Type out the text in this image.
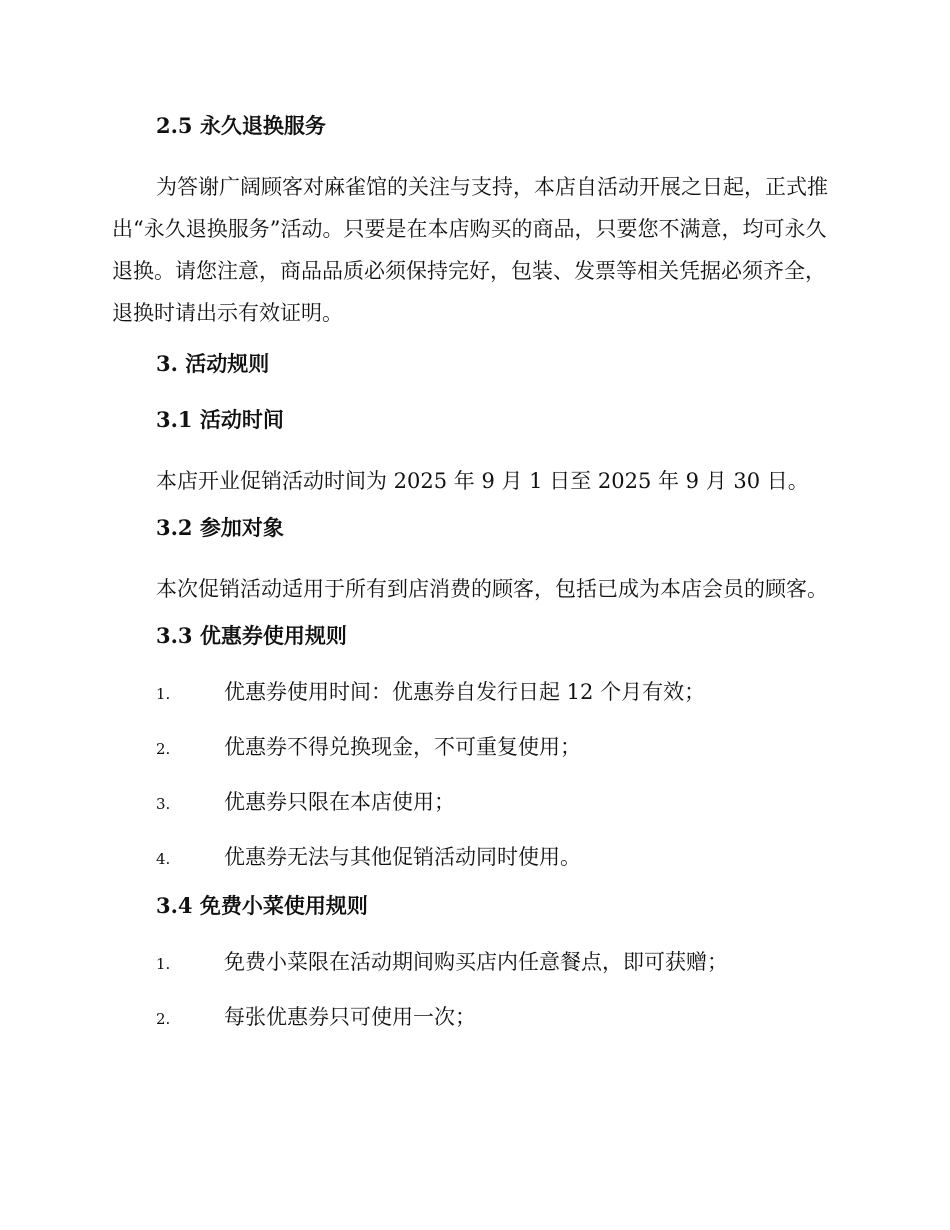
2.5 永久退换服务

为答谢广阔顾客对麻雀馆的关注与支持，本店自活动开展之日起，正式推出“永久退换服务”活动。只要是在本店购买的商品，只要您不满意，均可永久退换。请您注意，商品品质必须保持完好，包装、发票等相关凭据必须齐全，退换时请出示有效证明。

3. 活动规则
3.1 活动时间

本店开业促销活动时间为 2025 年 9 月 1 日至 2025 年 9 月 30 日。

3.2 参加对象

本次促销活动适用于所有到店消费的顾客，包括已成为本店会员的顾客。

3.3 优惠券使用规则
1.	优惠券使用时间：优惠券自发行日起 12 个月有效；
2.	优惠券不得兑换现金，不可重复使用；
3.	优惠券只限在本店使用；
4.	优惠券无法与其他促销活动同时使用。
3.4 免费小菜使用规则
1.	免费小菜限在活动期间购买店内任意餐点，即可获赠；
2.	每张优惠券只可使用一次；
